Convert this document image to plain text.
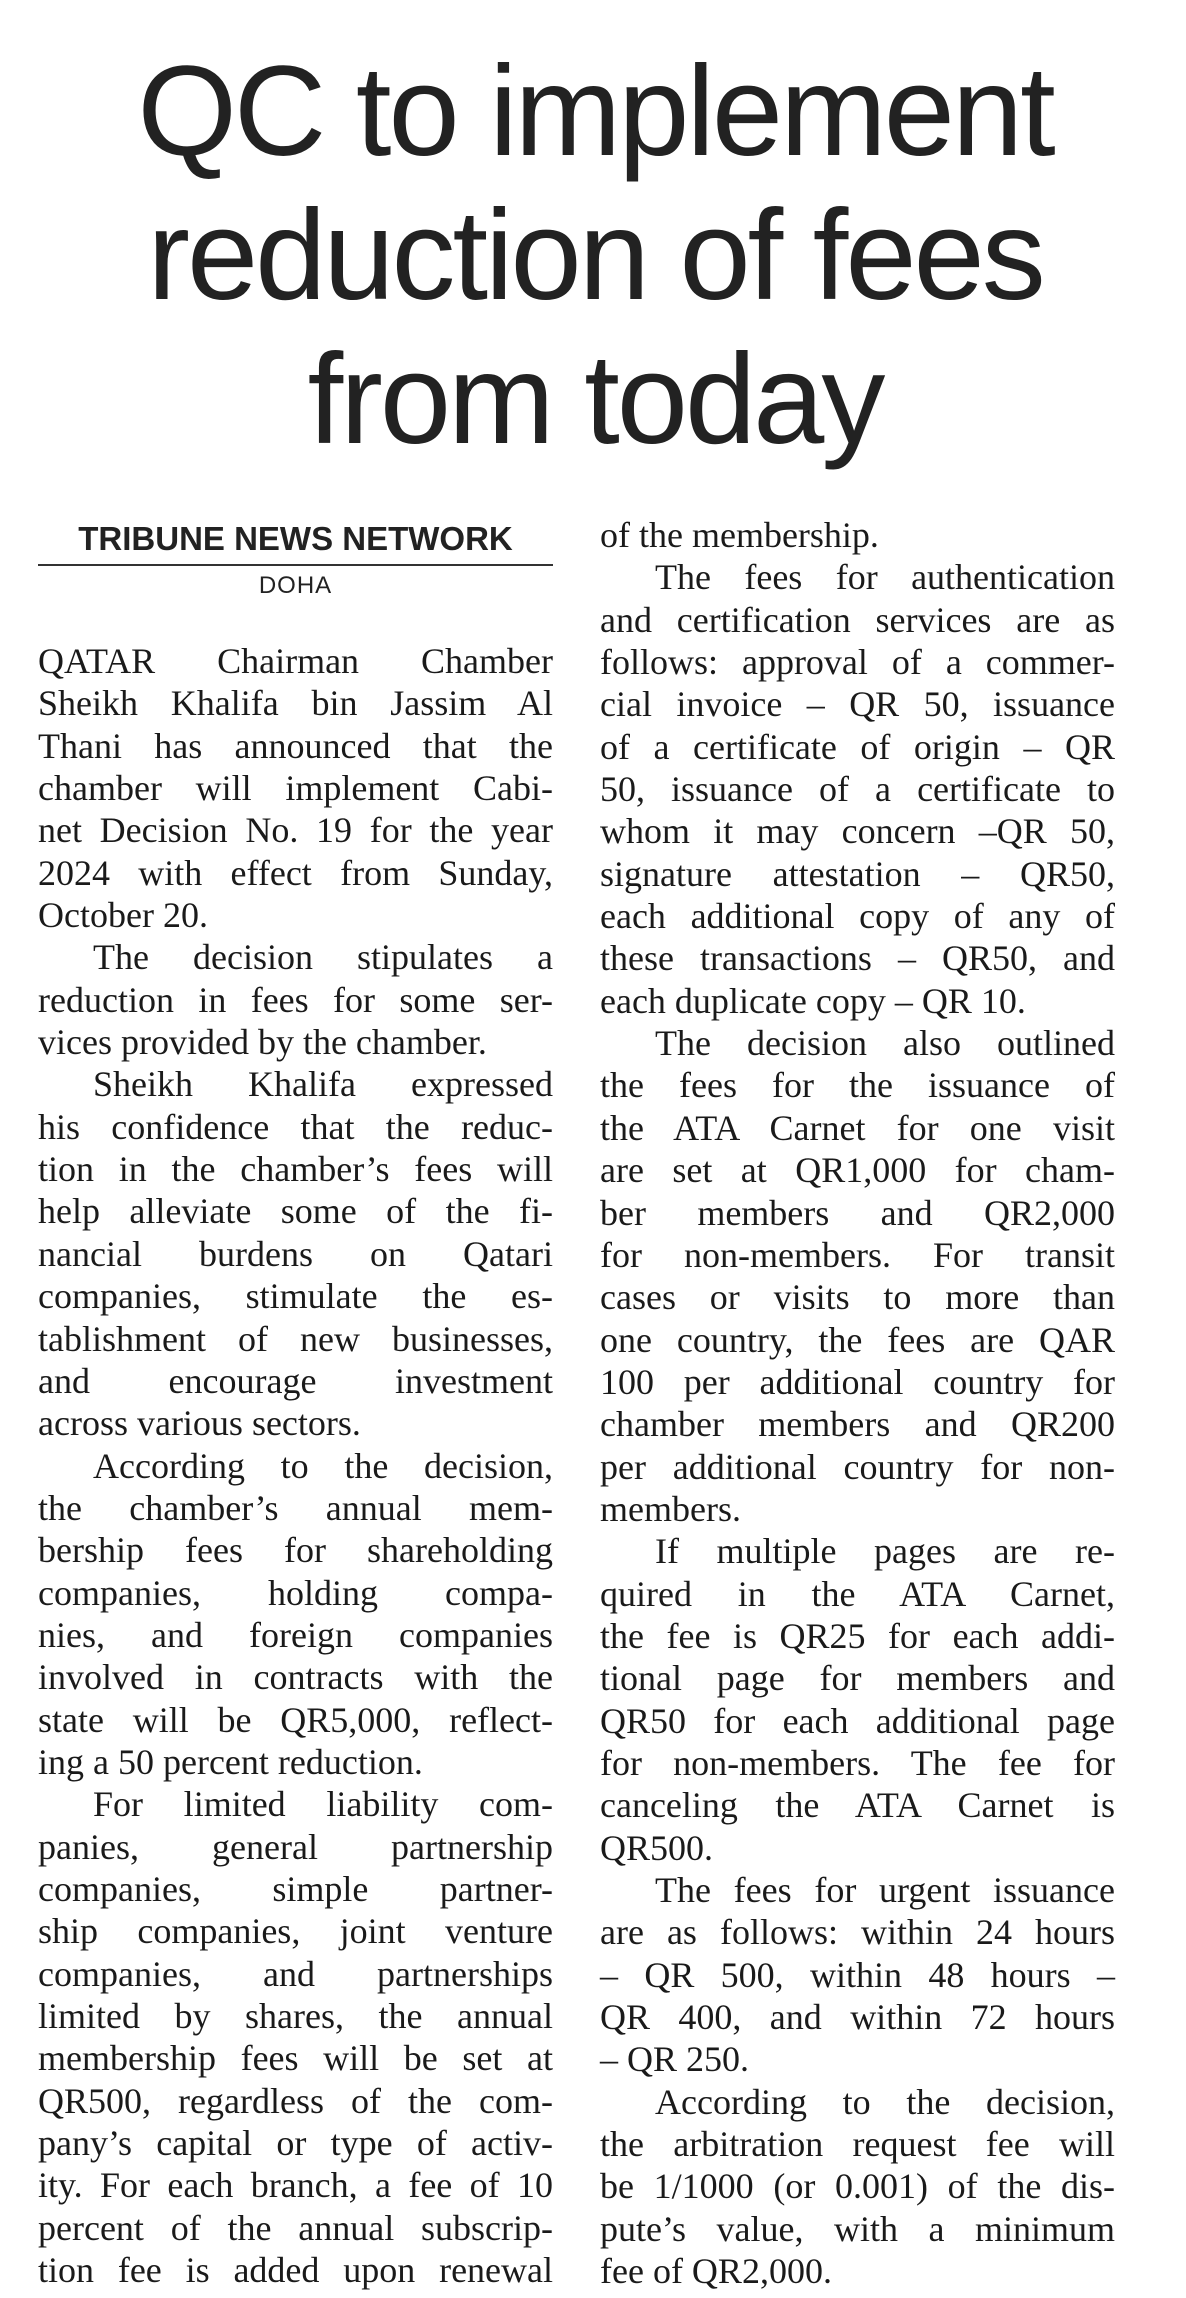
QC to implement
reduction of fees
from today
TRIBUNE NEWS NETWORK
DOHA
QATAR Chairman Chamber
Sheikh Khalifa bin Jassim Al
Thani has announced that the
chamber will implement Cabi-
net Decision No. 19 for the year
2024 with effect from Sunday,
October 20.
The decision stipulates a
reduction in fees for some ser-
vices provided by the chamber.
Sheikh Khalifa expressed
his confidence that the reduc-
tion in the chamber’s fees will
help alleviate some of the fi-
nancial burdens on Qatari
companies, stimulate the es-
tablishment of new businesses,
and encourage investment
across various sectors.
According to the decision,
the chamber’s annual mem-
bership fees for shareholding
companies, holding compa-
nies, and foreign companies
involved in contracts with the
state will be QR5,000, reflect-
ing a 50 percent reduction.
For limited liability com-
panies, general partnership
companies, simple partner-
ship companies, joint venture
companies, and partnerships
limited by shares, the annual
membership fees will be set at
QR500, regardless of the com-
pany’s capital or type of activ-
ity. For each branch, a fee of 10
percent of the annual subscrip-
tion fee is added upon renewal
of the membership.
The fees for authentication
and certification services are as
follows: approval of a commer-
cial invoice – QR 50, issuance
of a certificate of origin – QR
50, issuance of a certificate to
whom it may concern –QR 50,
signature attestation – QR50,
each additional copy of any of
these transactions – QR50, and
each duplicate copy – QR 10.
The decision also outlined
the fees for the issuance of
the ATA Carnet for one visit
are set at QR1,000 for cham-
ber members and QR2,000
for non-members. For transit
cases or visits to more than
one country, the fees are QAR
100 per additional country for
chamber members and QR200
per additional country for non-
members.
If multiple pages are re-
quired in the ATA Carnet,
the fee is QR25 for each addi-
tional page for members and
QR50 for each additional page
for non-members. The fee for
canceling the ATA Carnet is
QR500.
The fees for urgent issuance
are as follows: within 24 hours
– QR 500, within 48 hours –
QR 400, and within 72 hours
– QR 250.
According to the decision,
the arbitration request fee will
be 1/1000 (or 0.001) of the dis-
pute’s value, with a minimum
fee of QR2,000.
